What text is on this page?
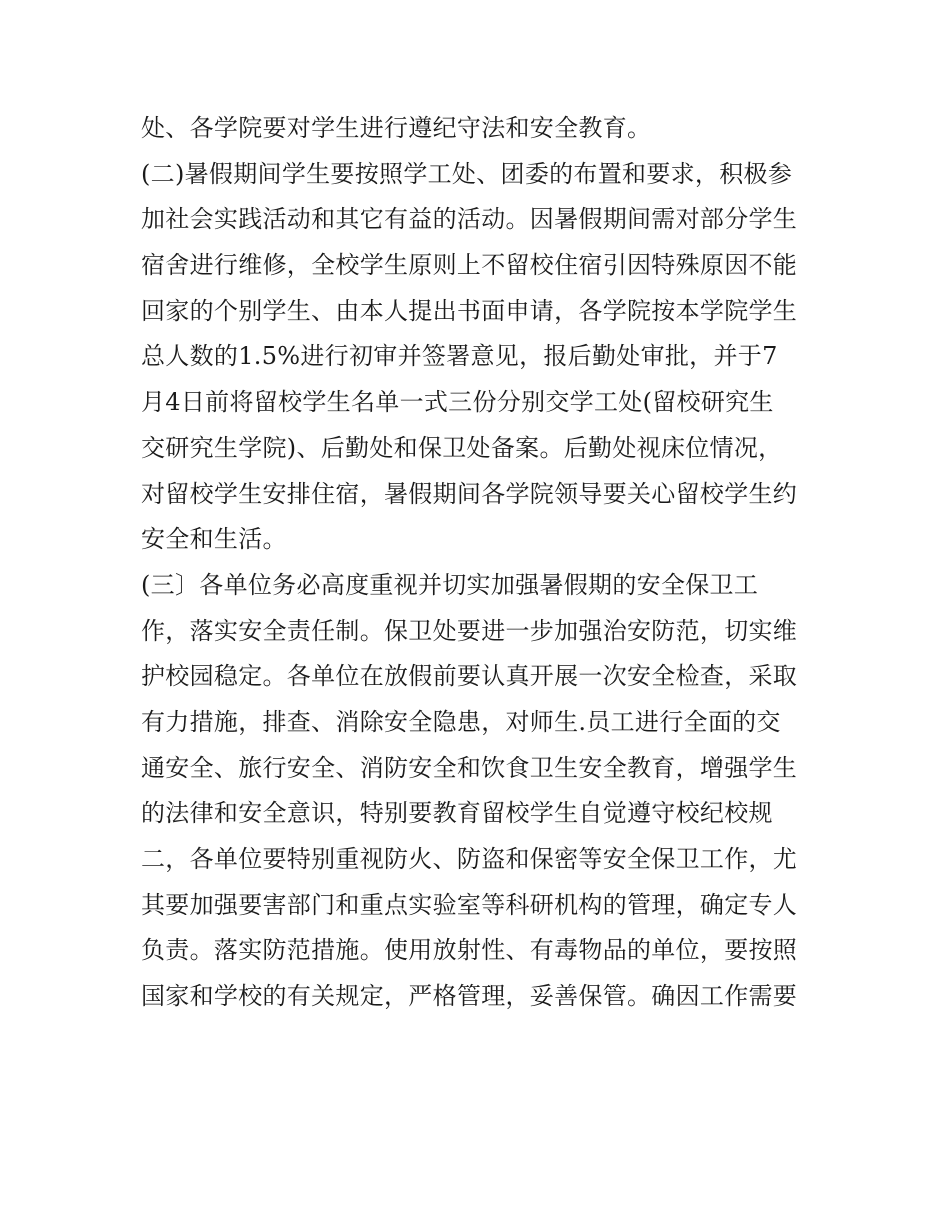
处、各学院要对学生进行遵纪守法和安全教育。
(二)暑假期间学生要按照学工处、团委的布置和要求，积极参
加社会实践活动和其它有益的活动。因暑假期间需对部分学生
宿舍进行维修，全校学生原则上不留校住宿引因特殊原因不能
回家的个别学生、由本人提出书面申请，各学院按本学院学生
总人数的1.5%进行初审并签署意见，报后勤处审批，并于7
月4日前将留校学生名单一式三份分别交学工处(留校研究生
交研究生学院)、后勤处和保卫处备案。后勤处视床位情况，
对留校学生安排住宿，暑假期间各学院领导要关心留校学生约
安全和生活。
(三〕各单位务必高度重视并切实加强暑假期的安全保卫工
作，落实安全责任制。保卫处要进一步加强治安防范，切实维
护校园稳定。各单位在放假前要认真开展一次安全检查，采取
有力措施，排查、消除安全隐患，对师生.员工进行全面的交
通安全、旅行安全、消防安全和饮食卫生安全教育，增强学生
的法律和安全意识，特别要教育留校学生自觉遵守校纪校规
二，各单位要特别重视防火、防盗和保密等安全保卫工作，尤
其要加强要害部门和重点实验室等科研机构的管理，确定专人
负责。落实防范措施。使用放射性、有毒物品的单位，要按照
国家和学校的有关规定，严格管理，妥善保管。确因工作需要
